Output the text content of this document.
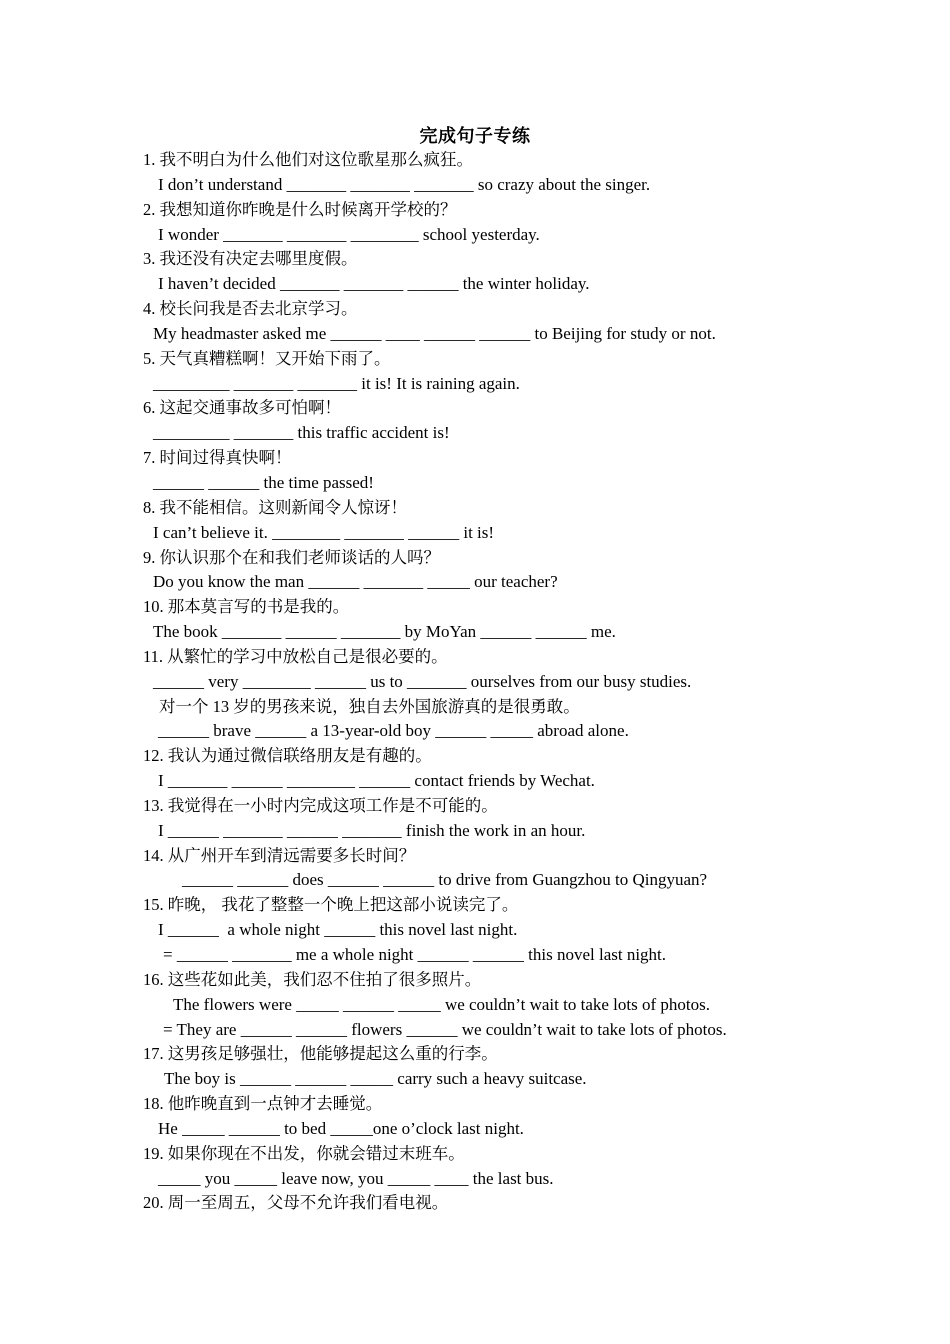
完成句子专练
1. 我不明白为什么他们对这位歌星那么疯狂。
I don’t understand _______ _______ _______ so crazy about the singer.
2. 我想知道你昨晚是什么时候离开学校的？
I wonder _______ _______ ________ school yesterday.
3. 我还没有决定去哪里度假。
I haven’t decided _______ _______ ______ the winter holiday.
4. 校长问我是否去北京学习。
My headmaster asked me ______ ____ ______ ______ to Beijing for study or not.
5. 天气真糟糕啊！又开始下雨了。
_________ _______ _______ it is! It is raining again.
6. 这起交通事故多可怕啊！
_________ _______ this traffic accident is!
7. 时间过得真快啊！
______ ______ the time passed!
8. 我不能相信。这则新闻令人惊讶！
I can’t believe it. ________ _______ ______ it is!
9. 你认识那个在和我们老师谈话的人吗？
Do you know the man ______ _______ _____ our teacher?
10. 那本莫言写的书是我的。
The book _______ ______ _______ by MoYan ______ ______ me.
11. 从繁忙的学习中放松自己是很必要的。
______ very ________ ______ us to _______ ourselves from our busy studies.
对一个 13 岁的男孩来说，独自去外国旅游真的是很勇敢。
______ brave ______ a 13-year-old boy ______ _____ abroad alone.
12. 我认为通过微信联络朋友是有趣的。
I _______ ______ ________ ______ contact friends by Wechat.
13. 我觉得在一小时内完成这项工作是不可能的。
I ______ _______ ______ _______ finish the work in an hour.
14. 从广州开车到清远需要多长时间？
______ ______ does ______ ______ to drive from Guangzhou to Qingyuan?
15. 昨晚， 我花了整整一个晚上把这部小说读完了。
I ______  a whole night ______ this novel last night.
= ______ _______ me a whole night ______ ______ this novel last night.
16. 这些花如此美，我们忍不住拍了很多照片。
The flowers were _____ ______ _____ we couldn’t wait to take lots of photos.
= They are ______ ______ flowers ______ we couldn’t wait to take lots of photos.
17. 这男孩足够强壮，他能够提起这么重的行李。
The boy is ______ ______ _____ carry such a heavy suitcase.
18. 他昨晚直到一点钟才去睡觉。
He _____ ______ to bed _____one o’clock last night.
19. 如果你现在不出发，你就会错过末班车。
_____ you _____ leave now, you _____ ____ the last bus.
20. 周一至周五，父母不允许我们看电视。
